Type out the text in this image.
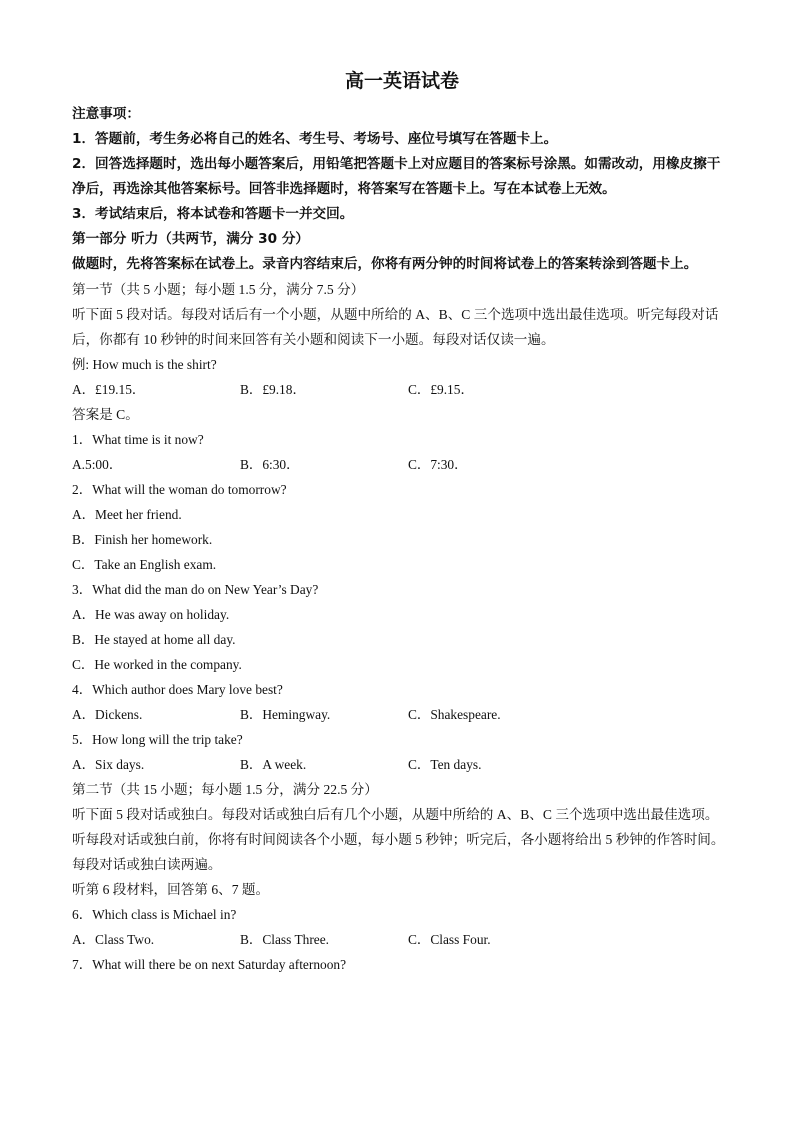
高一英语试卷
注意事项：
1．答题前，考生务必将自己的姓名、考生号、考场号、座位号填写在答题卡上。
2．回答选择题时，选出每小题答案后，用铅笔把答题卡上对应题目的答案标号涂黑。如需改动，用橡皮擦干净后，再选涂其他答案标号。回答非选择题时，将答案写在答题卡上。写在本试卷上无效。
3．考试结束后，将本试卷和答题卡一并交回。
第一部分 听力（共两节，满分 30 分）
做题时，先将答案标在试卷上。录音内容结束后，你将有两分钟的时间将试卷上的答案转涂到答题卡上。
第一节（共 5 小题；每小题 1.5 分，满分 7.5 分）
听下面 5 段对话。每段对话后有一个小题，从题中所给的 A、B、C 三个选项中选出最佳选项。听完每段对话后，你都有 10 秒钟的时间来回答有关小题和阅读下一小题。每段对话仅读一遍。
例: How much is the shirt?
A．£19.15．	B．£9.18．	C．£9.15．
答案是 C。
1．What time is it now?
A.5:00．	B．6:30．	C．7:30．
2．What will the woman do tomorrow?
A．Meet her friend.
B．Finish her homework.
C．Take an English exam.
3．What did the man do on New Year’s Day?
A．He was away on holiday.
B．He stayed at home all day.
C．He worked in the company.
4．Which author does Mary love best?
A．Dickens.	B．Hemingway.	C．Shakespeare.
5．How long will the trip take?
A．Six days.	B．A week.	C．Ten days.
第二节（共 15 小题；每小题 1.5 分，满分 22.5 分）
听下面 5 段对话或独白。每段对话或独白后有几个小题，从题中所给的 A、B、C 三个选项中选出最佳选项。听每段对话或独白前，你将有时间阅读各个小题，每小题 5 秒钟；听完后，各小题将给出 5 秒钟的作答时间。每段对话或独白读两遍。
听第 6 段材料，回答第 6、7 题。
6．Which class is Michael in?
A．Class Two.	B．Class Three.	C．Class Four.
7．What will there be on next Saturday afternoon?
